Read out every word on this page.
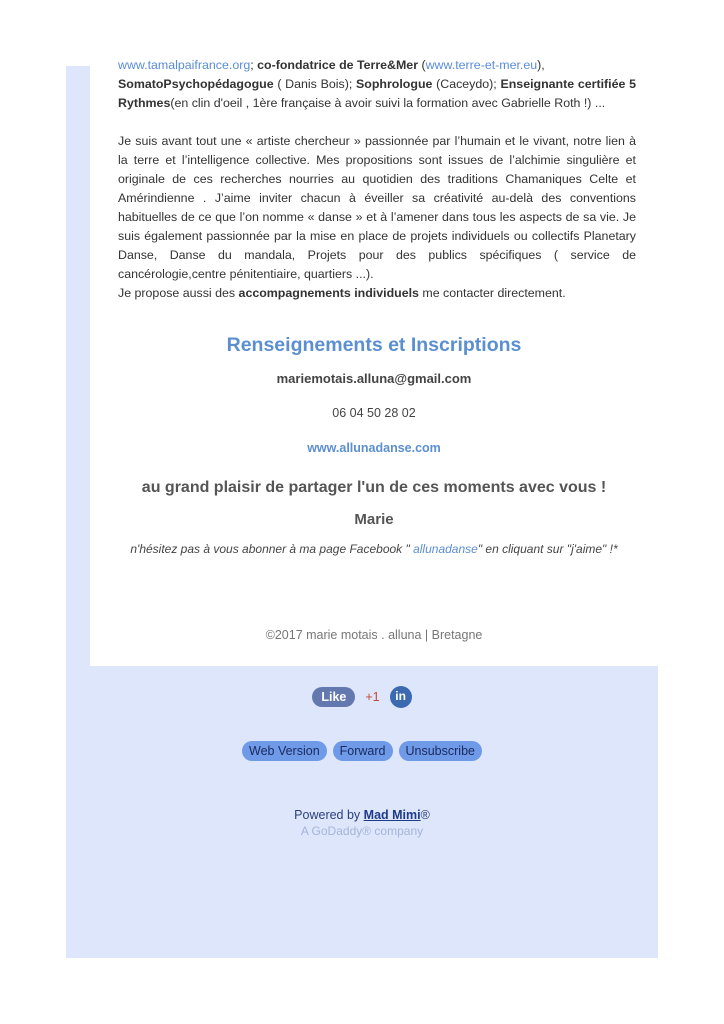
www.tamalpaifrance.org; co-fondatrice de Terre&Mer (www.terre-et-mer.eu),

SomatoPsychopédagogue ( Danis Bois); Sophrologue (Caceydo); Enseignante certifiée 5 Rythmes(en clin d'oeil , 1ère française à avoir suivi la formation avec Gabrielle Roth !) ...

Je suis avant tout une « artiste chercheur » passionnée par l’humain et le vivant, notre lien à la terre et l’intelligence collective. Mes propositions sont issues de l’alchimie singulière et originale de ces recherches nourries au quotidien des traditions Chamaniques Celte et Amérindienne . J’aime inviter chacun à éveiller sa créativité au-delà des conventions habituelles de ce que l’on nomme « danse » et à l’amener dans tous les aspects de sa vie. Je suis également passionnée par la mise en place de projets individuels ou collectifs Planetary Danse, Danse du mandala, Projets pour des publics spécifiques ( service de cancérologie,centre pénitentiaire, quartiers ...).

Je propose aussi des accompagnements individuels me contacter directement.

Renseignements et Inscriptions
mariemotais.alluna@gmail.com
06 04 50 28 02
www.allunadanse.com
au grand plaisir de partager l'un de ces moments avec vous !
Marie
n'hésitez pas à vous abonner à ma page Facebook " allunadanse" en cliquant sur "j'aime" !*
©2017 marie motais . alluna | Bretagne
Like +1 in
Web Version Forward Unsubscribe
Powered by Mad Mimi®
A GoDaddy® company
